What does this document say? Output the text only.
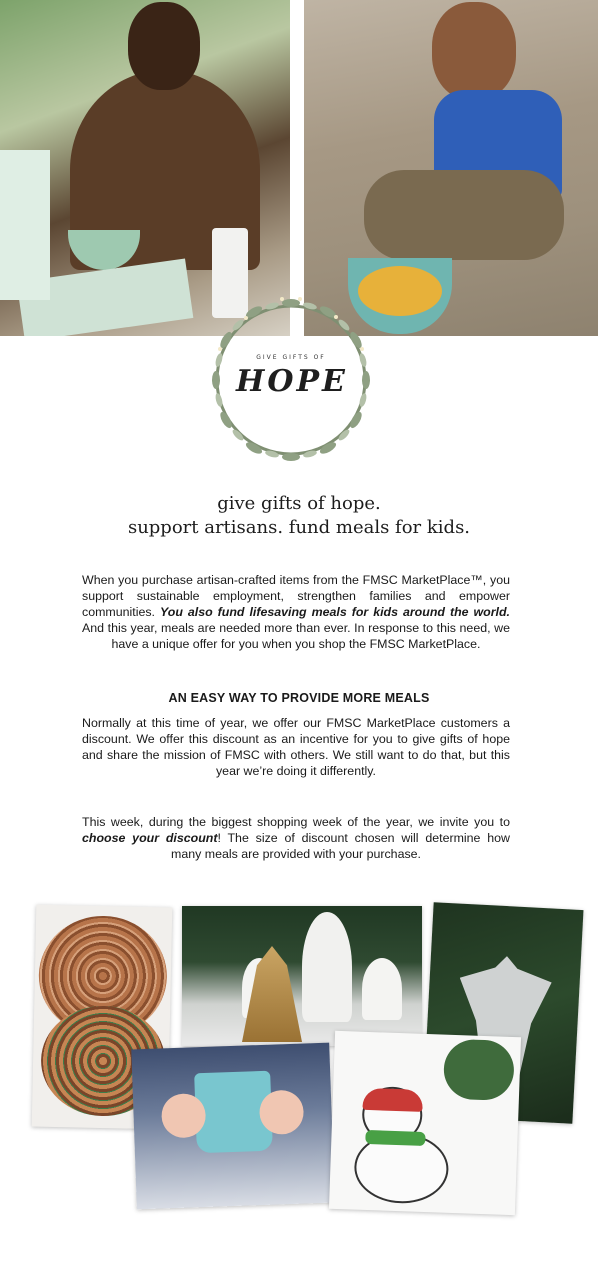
GIVE GIFTS OF
HOPE
give gifts of hope.
support artisans. fund meals for kids.
When you purchase artisan-crafted items from the FMSC MarketPlace™, you support sustainable employment, strengthen families and empower communities. You also fund lifesaving meals for kids around the world. And this year, meals are needed more than ever. In response to this need, we have a unique offer for you when you shop the FMSC MarketPlace.
AN EASY WAY TO PROVIDE MORE MEALS
Normally at this time of year, we offer our FMSC MarketPlace customers a discount. We offer this discount as an incentive for you to give gifts of hope and share the mission of FMSC with others. We still want to do that, but this year we’re doing it differently.
This week, during the biggest shopping week of the year, we invite you to choose your discount! The size of discount chosen will determine how many meals are provided with your purchase.
